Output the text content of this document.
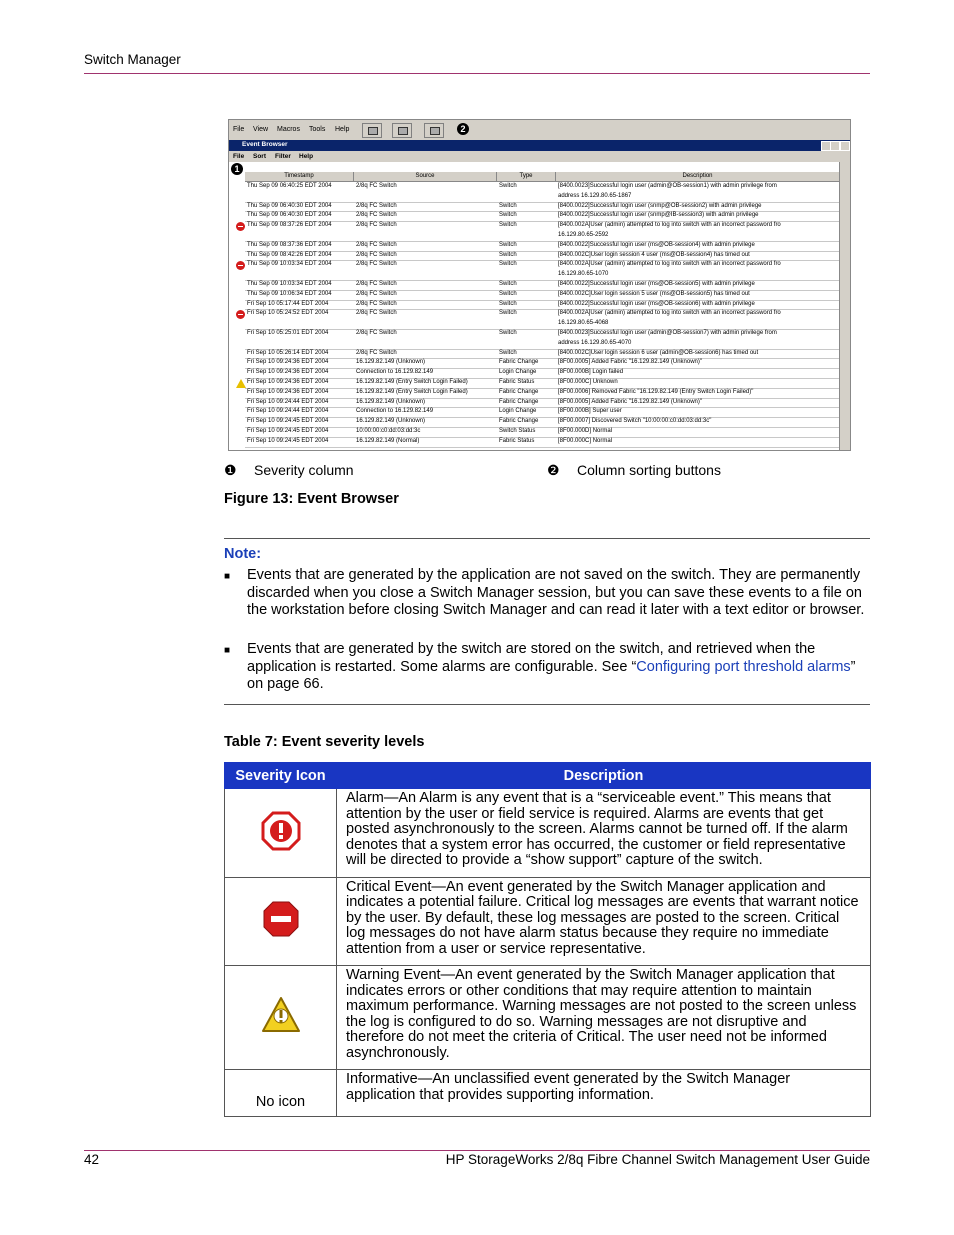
Switch Manager
File View Macros Tools Help	2
Event Browser
File Sort Filter Help
1
Timestamp	Source	Type	Description
Thu Sep 09 06:40:25 EDT 2004	2/8q FC Switch	Switch	[8400.0023]Successful login user (admin@OB-session1) with admin privilege from
address 16.129.80.65-1867
Thu Sep 09 06:40:30 EDT 2004	2/8q FC Switch	Switch	[8400.0022]Successful login user (snmp@OB-session2) with admin privilege
Thu Sep 09 06:40:30 EDT 2004	2/8q FC Switch	Switch	[8400.0022]Successful login user (snmp@IB-session3) with admin privilege
Thu Sep 09 08:37:26 EDT 2004	2/8q FC Switch	Switch	[8400.002A]User (admin) attempted to log into switch with an incorrect password fro
16.129.80.65-2592
Thu Sep 09 08:37:36 EDT 2004	2/8q FC Switch	Switch	[8400.0022]Successful login user (ms@OB-session4) with admin privilege
Thu Sep 09 08:42:26 EDT 2004	2/8q FC Switch	Switch	[8400.002C]User login session 4 user (ms@OB-session4) has timed out
Thu Sep 09 10:03:34 EDT 2004	2/8q FC Switch	Switch	[8400.002A]User (admin) attempted to log into switch with an incorrect password fro
16.129.80.65-1070
Thu Sep 09 10:03:34 EDT 2004	2/8q FC Switch	Switch	[8400.0022]Successful login user (ms@OB-session5) with admin privilege
Thu Sep 09 10:06:34 EDT 2004	2/8q FC Switch	Switch	[8400.002C]User login session 5 user (ms@OB-session5) has timed out
Fri Sep 10 05:17:44 EDT 2004	2/8q FC Switch	Switch	[8400.0022]Successful login user (ms@OB-session6) with admin privilege
Fri Sep 10 05:24:52 EDT 2004	2/8q FC Switch	Switch	[8400.002A]User (admin) attempted to log into switch with an incorrect password fro
16.129.80.65-4068
Fri Sep 10 05:25:01 EDT 2004	2/8q FC Switch	Switch	[8400.0023]Successful login user (admin@OB-session7) with admin privilege from
address 16.129.80.65-4070
Fri Sep 10 05:26:14 EDT 2004	2/8q FC Switch	Switch	[8400.002C]User login session 6 user (admin@OB-session6) has timed out
Fri Sep 10 09:24:36 EDT 2004	16.129.82.149 (Unknown)	Fabric Change	[8F00.0005] Added Fabric "16.129.82.149 (Unknown)"
Fri Sep 10 09:24:36 EDT 2004	Connection to 16.129.82.149	Login Change	[8F00.000B] Login failed
Fri Sep 10 09:24:36 EDT 2004	16.129.82.149 (Entry Switch Login Failed)	Fabric Status	[8F00.000C] Unknown
Fri Sep 10 09:24:36 EDT 2004	16.129.82.149 (Entry Switch Login Failed)	Fabric Change	[8F00.0006] Removed Fabric "16.129.82.149 (Entry Switch Login Failed)"
Fri Sep 10 09:24:44 EDT 2004	16.129.82.149 (Unknown)	Fabric Change	[8F00.0005] Added Fabric "16.129.82.149 (Unknown)"
Fri Sep 10 09:24:44 EDT 2004	Connection to 16.129.82.149	Login Change	[8F00.000B] Super user
Fri Sep 10 09:24:45 EDT 2004	16.129.82.149 (Unknown)	Fabric Change	[8F00.0007] Discovered Switch "10:00:00:c0:dd:03:dd:3c"
Fri Sep 10 09:24:45 EDT 2004	10:00:00:c0:dd:03:dd:3c	Switch Status	[8F00.000D] Normal
Fri Sep 10 09:24:45 EDT 2004	16.129.82.149 (Normal)	Fabric Status	[8F00.000C] Normal
❶ Severity column	❷ Column sorting buttons
Figure 13: Event Browser
Note:
■ Events that are generated by the application are not saved on the switch. They are permanently discarded when you close a Switch Manager session, but you can save these events to a file on the workstation before closing Switch Manager and can read it later with a text editor or browser.
■ Events that are generated by the switch are stored on the switch, and retrieved when the application is restarted. Some alarms are configurable. See “Configuring port threshold alarms” on page 66.
Table 7: Event severity levels
Severity Icon	Description
	Alarm—An Alarm is any event that is a “serviceable event.” This means that attention by the user or field service is required. Alarms are events that get posted asynchronously to the screen. Alarms cannot be turned off. If the alarm denotes that a system error has occurred, the customer or field representative will be directed to provide a “show support” capture of the switch.
	Critical Event—An event generated by the Switch Manager application and indicates a potential failure. Critical log messages are events that warrant notice by the user. By default, these log messages are posted to the screen. Critical log messages do not have alarm status because they require no immediate attention from a user or service representative.
	Warning Event—An event generated by the Switch Manager application that indicates errors or other conditions that may require attention to maintain maximum performance. Warning messages are not posted to the screen unless the log is configured to do so. Warning messages are not disruptive and therefore do not meet the criteria of Critical. The user need not be informed asynchronously.
No icon	Informative—An unclassified event generated by the Switch Manager application that provides supporting information.
42	HP StorageWorks 2/8q Fibre Channel Switch Management User Guide
